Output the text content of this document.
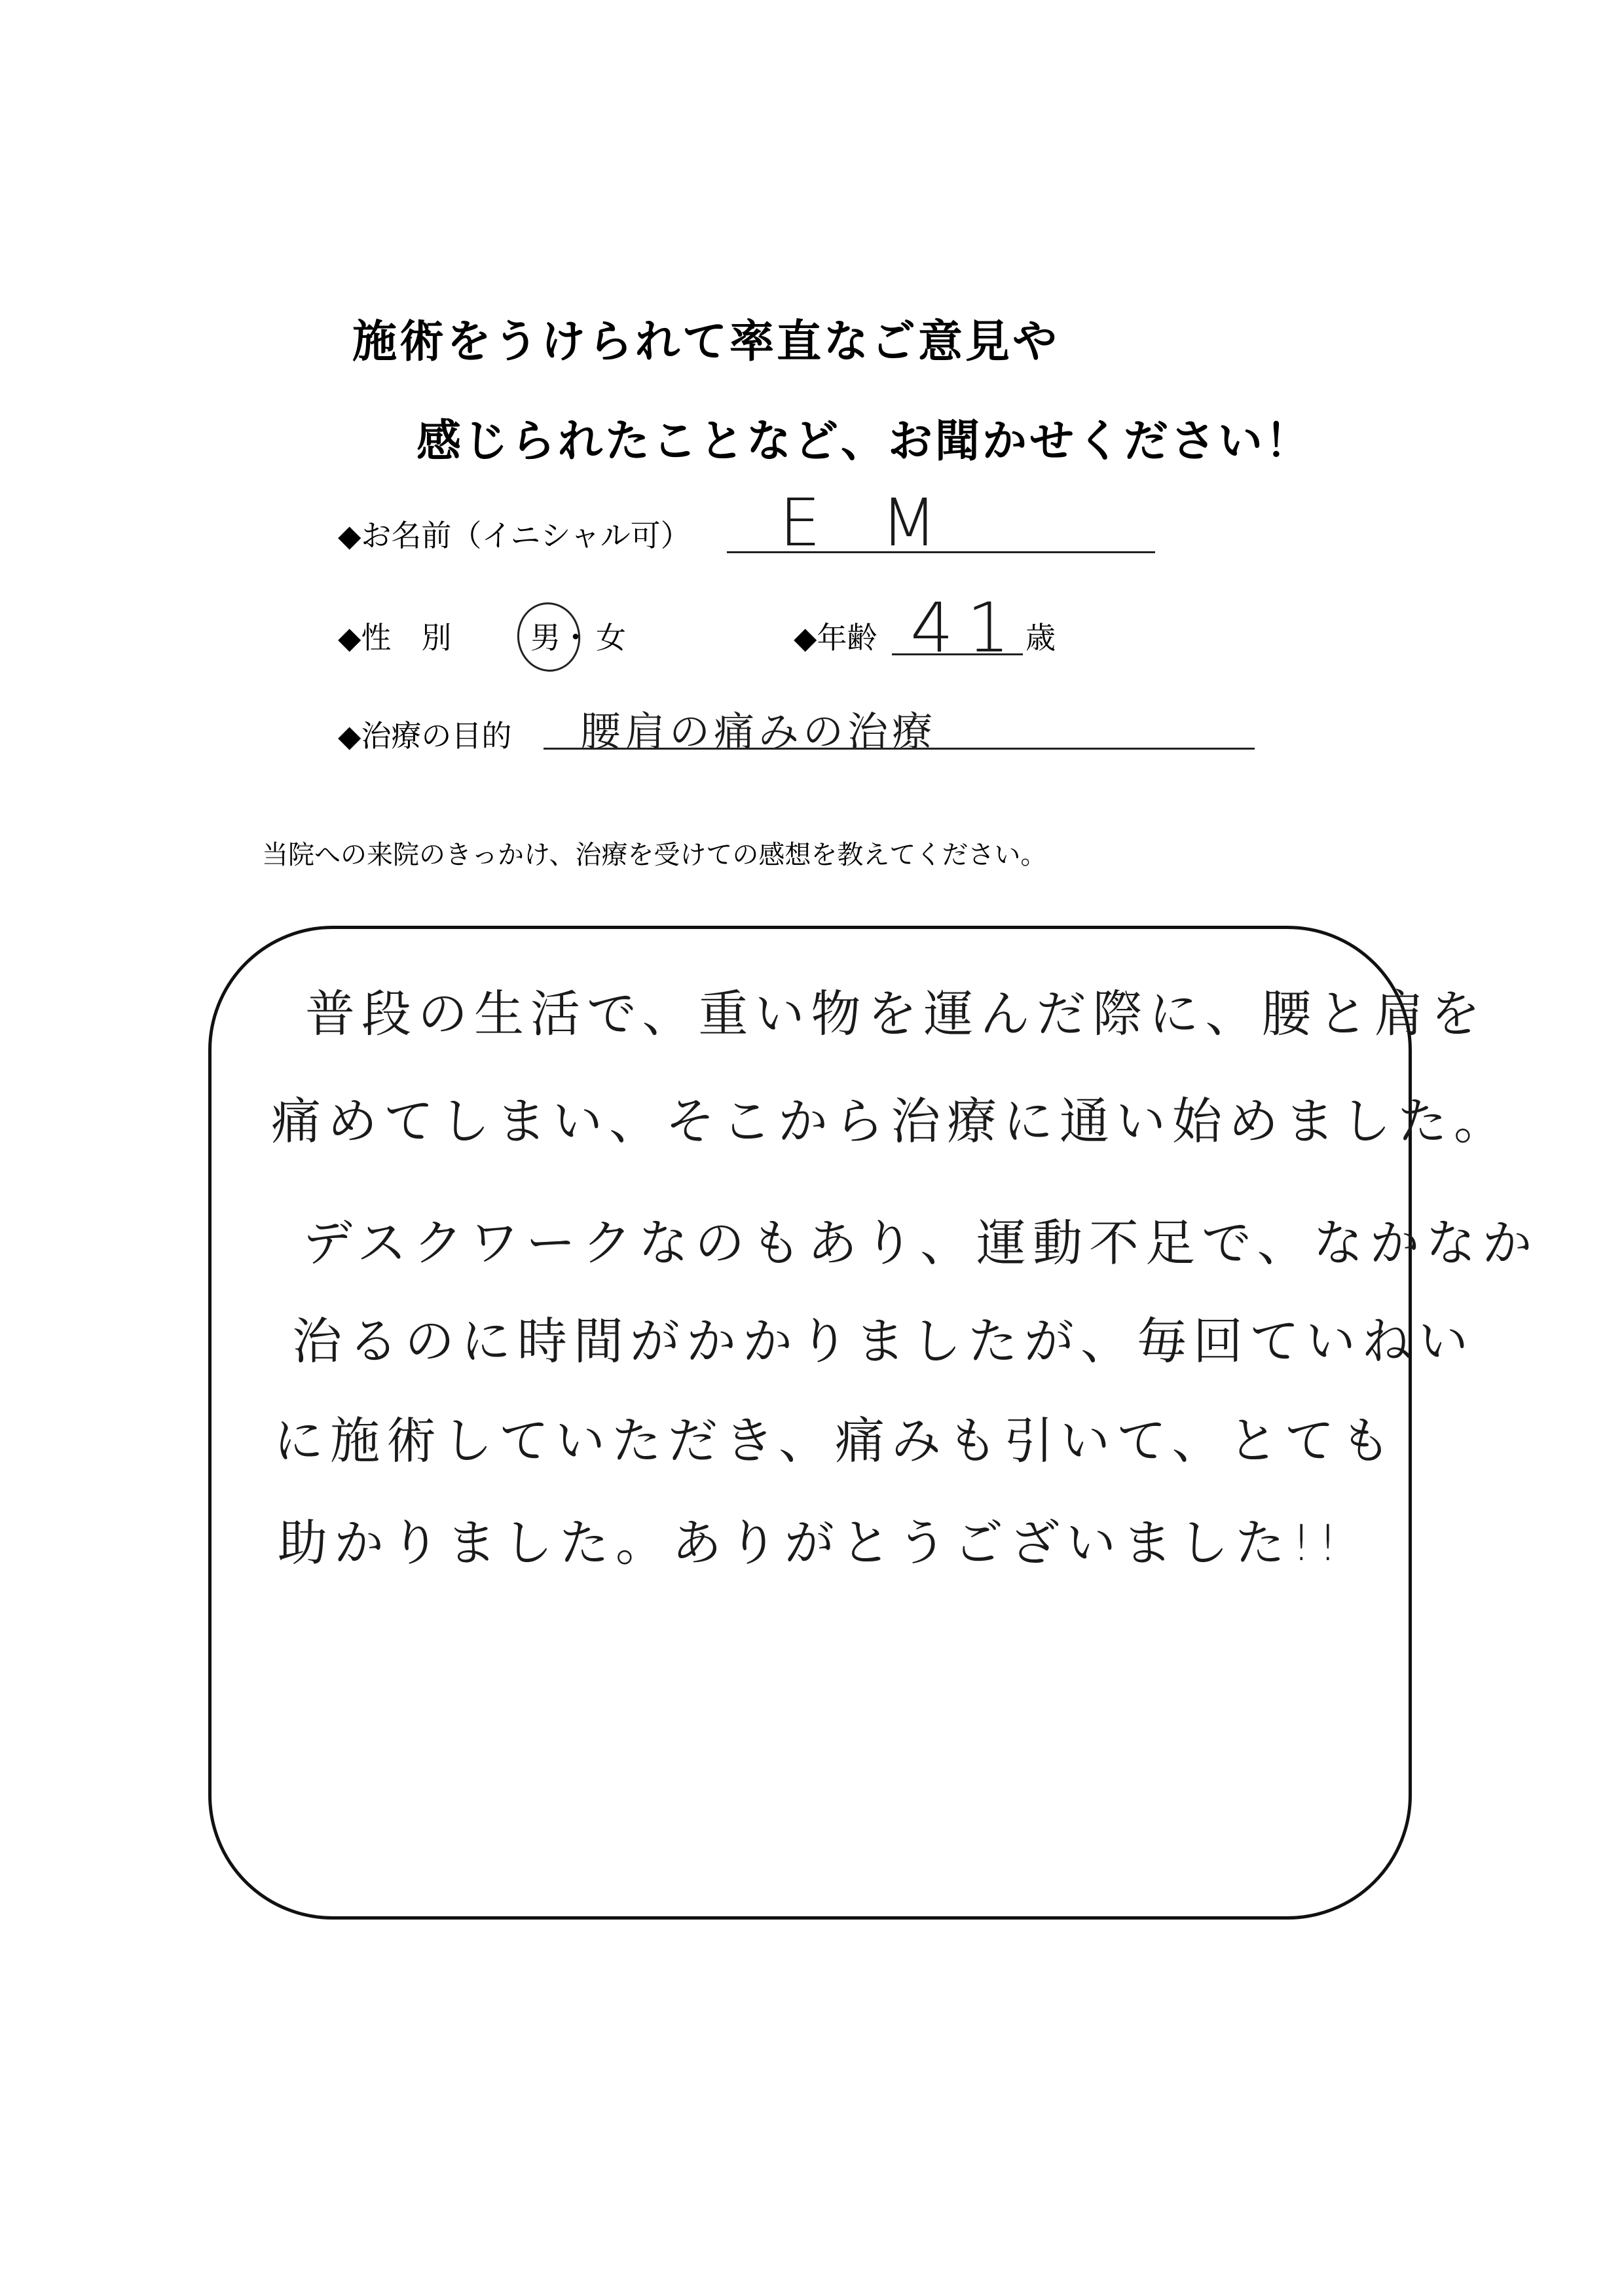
施術をうけられて率直なご意見や
感じられたことなど、お聞かせください！
◆お名前（イニシャル可） E M
◆性　別	男 ・ 女	◆年齢 41 歳
◆治療の目的 腰肩の痛みの治療
当院への来院のきっかけ、治療を受けての感想を教えてください。
普段の生活で、重い物を運んだ際に、腰と肩を
痛めてしまい、そこから治療に通い始めました。
デスクワークなのもあり、運動不足で、なかなか
治るのに時間がかかりましたが、毎回ていねい
に施術していただき、痛みも引いて、とても
助かりました。ありがとうございました!!
